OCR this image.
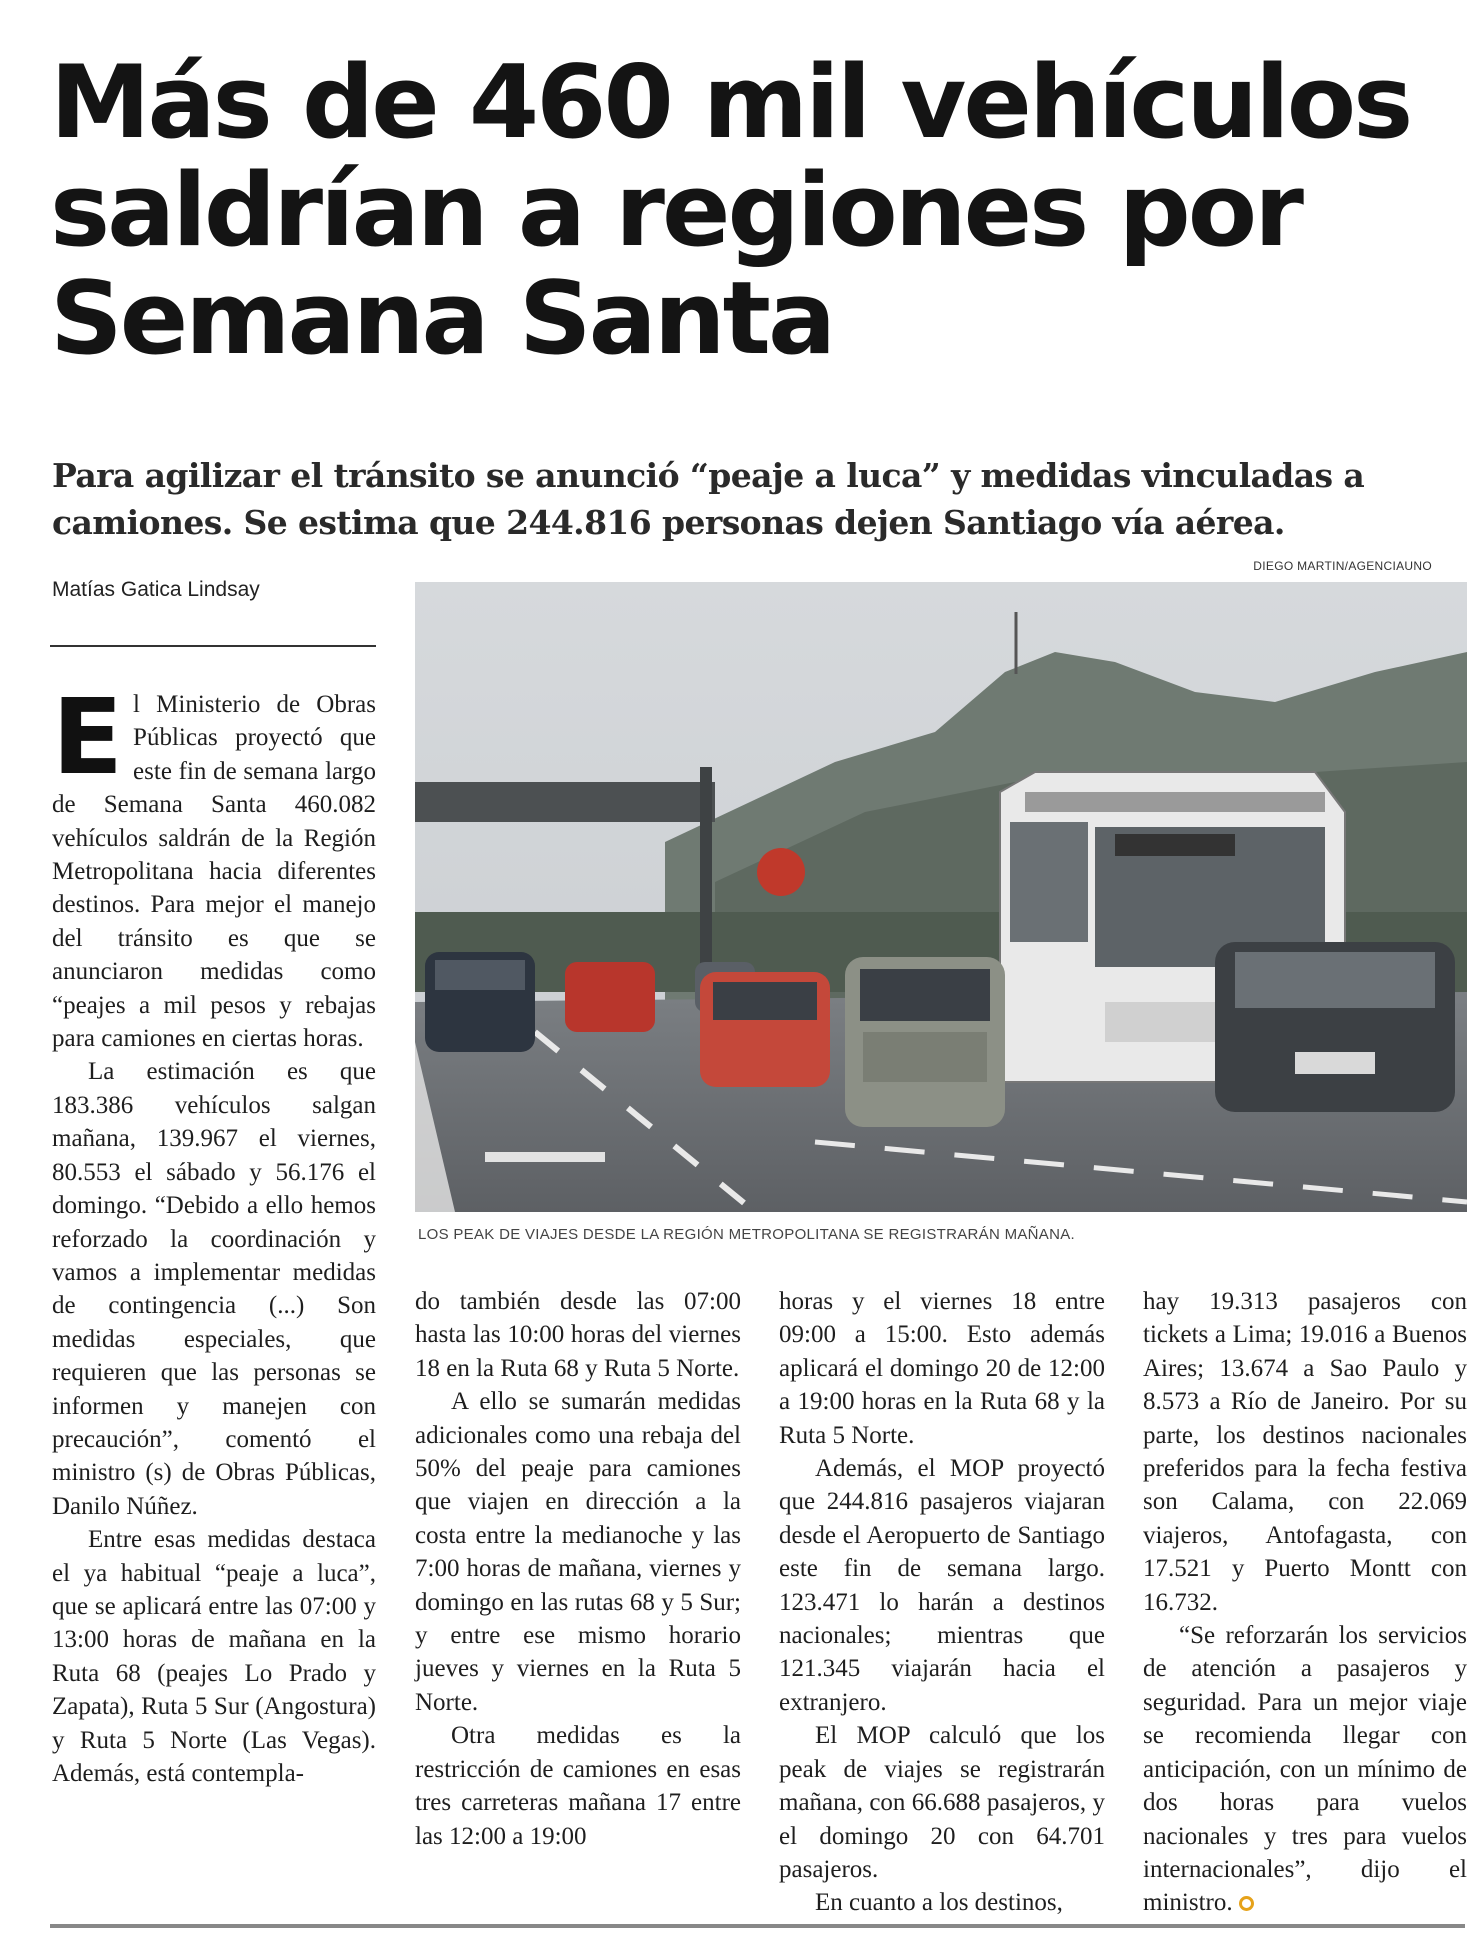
Más de 460 mil vehículos saldrían a regiones por Semana Santa
Para agilizar el tránsito se anunció “peaje a luca” y medidas vinculadas a camiones. Se estima que 244.816 personas dejen Santiago vía aérea.
Matías Gatica Lindsay
DIEGO MARTIN/AGENCIAUNO
LOS PEAK DE VIAJES DESDE LA REGIÓN METROPOLITANA SE REGISTRARÁN MAÑANA.
E l Ministerio de Obras Públicas proyectó que este fin de semana largo de Semana Santa 460.082 vehículos saldrán de la Región Metropolitana hacia diferentes destinos. Para mejor el manejo del tránsito es que se anunciaron medidas como “peajes a mil pesos y rebajas para camiones en ciertas horas.

La estimación es que 183.386 vehículos salgan mañana, 139.967 el viernes, 80.553 el sábado y 56.176 el domingo. “Debido a ello hemos reforzado la coordinación y vamos a implementar medidas de contingencia (...) Son medidas especiales, que requieren que las personas se informen y manejen con precaución”, comentó el ministro (s) de Obras Públicas, Danilo Núñez.

Entre esas medidas destaca el ya habitual “peaje a luca”, que se aplicará entre las 07:00 y 13:00 horas de mañana en la Ruta 68 (peajes Lo Prado y Zapata), Ruta 5 Sur (Angostura) y Ruta 5 Norte (Las Vegas). Además, está contempla-

do también desde las 07:00 hasta las 10:00 horas del viernes 18 en la Ruta 68 y Ruta 5 Norte.

A ello se sumarán medidas adicionales como una rebaja del 50% del peaje para camiones que viajen en dirección a la costa entre la medianoche y las 7:00 horas de mañana, viernes y domingo en las rutas 68 y 5 Sur; y entre ese mismo horario jueves y viernes en la Ruta 5 Norte.

Otra medidas es la restricción de camiones en esas tres carreteras mañana 17 entre las 12:00 a 19:00

horas y el viernes 18 entre 09:00 a 15:00. Esto además aplicará el domingo 20 de 12:00 a 19:00 horas en la Ruta 68 y la Ruta 5 Norte.

Además, el MOP proyectó que 244.816 pasajeros viajaran desde el Aeropuerto de Santiago este fin de semana largo. 123.471 lo harán a destinos nacionales; mientras que 121.345 viajarán hacia el extranjero.

El MOP calculó que los peak de viajes se registrarán mañana, con 66.688 pasajeros, y el domingo 20 con 64.701 pasajeros.

En cuanto a los destinos,

hay 19.313 pasajeros con tickets a Lima; 19.016 a Buenos Aires; 13.674 a Sao Paulo y 8.573 a Río de Janeiro. Por su parte, los destinos nacionales preferidos para la fecha festiva son Calama, con 22.069 viajeros, Antofagasta, con 17.521 y Puerto Montt con 16.732.

“Se reforzarán los servicios de atención a pasajeros y seguridad. Para un mejor viaje se recomienda llegar con anticipación, con un mínimo de dos horas para vuelos nacionales y tres para vuelos internacionales”, dijo el ministro.
